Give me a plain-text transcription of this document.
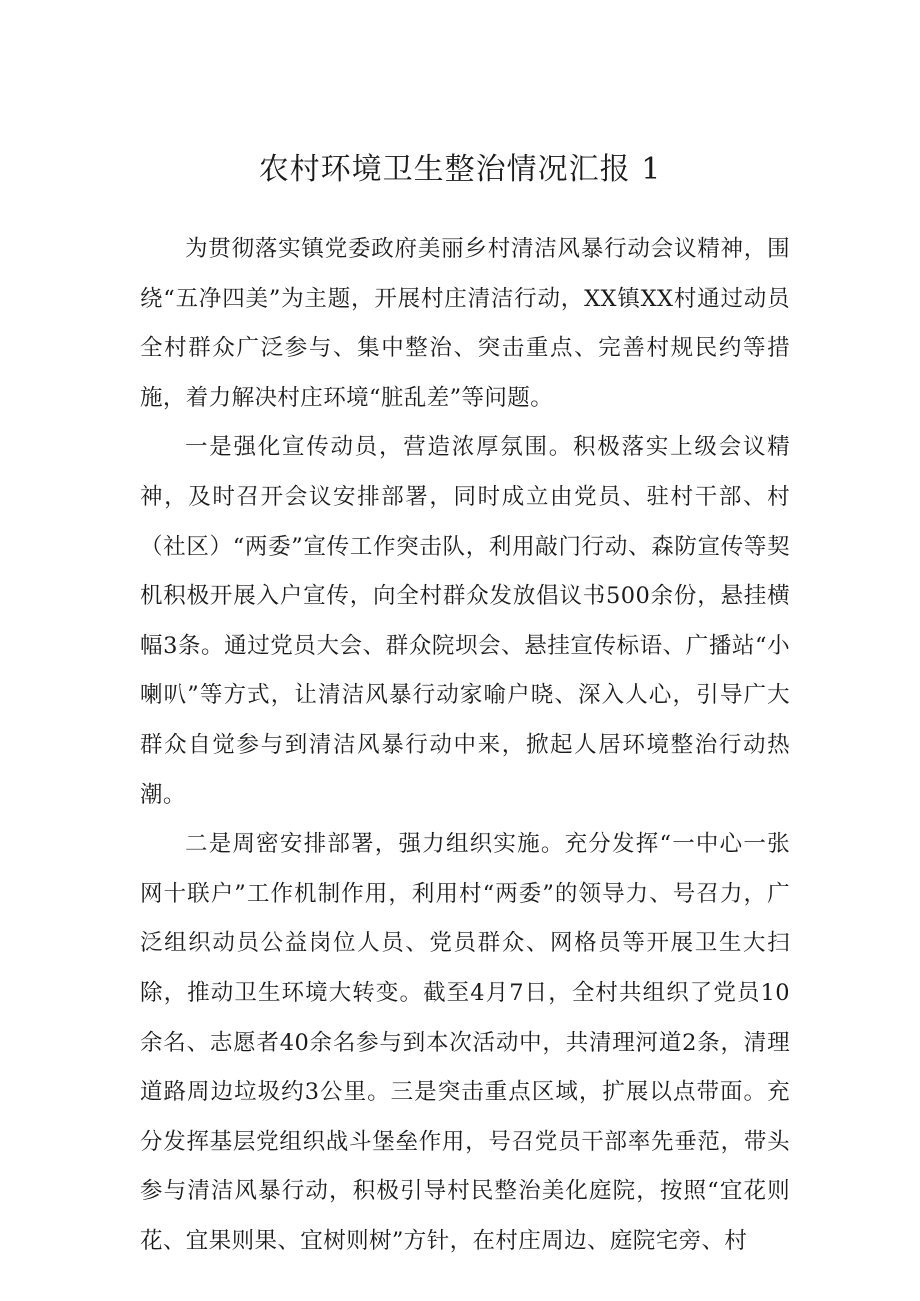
农村环境卫生整治情况汇报 1

为贯彻落实镇党委政府美丽乡村清洁风暴行动会议精神，围绕“五净四美”为主题，开展村庄清洁行动，XX镇XX村通过动员全村群众广泛参与、集中整治、突击重点、完善村规民约等措施，着力解决村庄环境“脏乱差”等问题。

一是强化宣传动员，营造浓厚氛围。积极落实上级会议精神，及时召开会议安排部署，同时成立由党员、驻村干部、村（社区）“两委”宣传工作突击队，利用敲门行动、森防宣传等契机积极开展入户宣传，向全村群众发放倡议书500余份，悬挂横幅3条。通过党员大会、群众院坝会、悬挂宣传标语、广播站“小喇叭”等方式，让清洁风暴行动家喻户晓、深入人心，引导广大群众自觉参与到清洁风暴行动中来，掀起人居环境整治行动热潮。

二是周密安排部署，强力组织实施。充分发挥“一中心一张网十联户”工作机制作用，利用村“两委”的领导力、号召力，广泛组织动员公益岗位人员、党员群众、网格员等开展卫生大扫除，推动卫生环境大转变。截至4月7日，全村共组织了党员10余名、志愿者40余名参与到本次活动中，共清理河道2条，清理道路周边垃圾约3公里。三是突击重点区域，扩展以点带面。充分发挥基层党组织战斗堡垒作用，号召党员干部率先垂范，带头参与清洁风暴行动，积极引导村民整治美化庭院，按照“宜花则花、宜果则果、宜树则树”方针，在村庄周边、庭院宅旁、村
